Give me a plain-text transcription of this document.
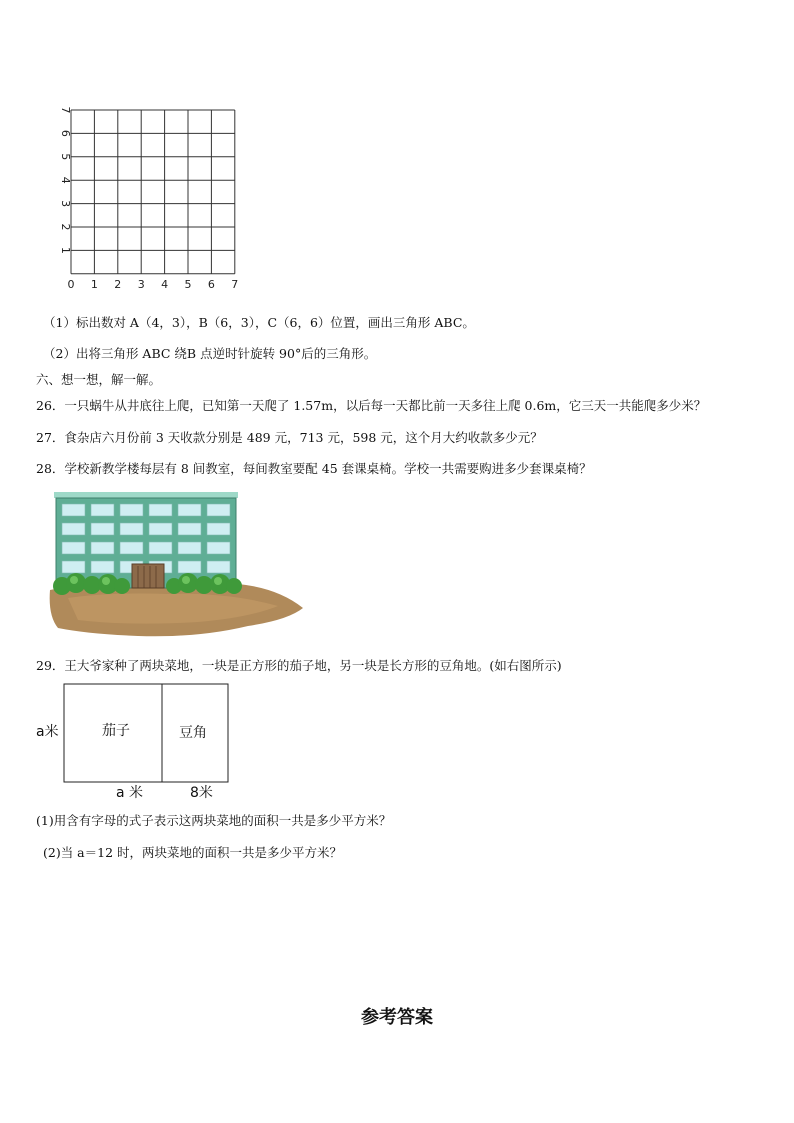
0 1 2 3 4 5 6 7
1
2
3
4
5
6
7
（1）标出数对 A（4，3），B（6，3），C（6，6）位置，画出三角形 ABC。
（2）出将三角形 ABC 绕B 点逆时针旋转 90°后的三角形。
六、想一想，解一解。
26．一只蜗牛从井底往上爬，已知第一天爬了 1.57m，以后每一天都比前一天多往上爬 0.6m，它三天一共能爬多少米？
27．食杂店六月份前 3 天收款分别是 489 元，713 元，598 元，这个月大约收款多少元？
28．学校新教学楼每层有 8 间教室，每间教室要配 45 套课桌椅。学校一共需要购进多少套课桌椅？
29．王大爷家种了两块菜地，一块是正方形的茄子地，另一块是长方形的豆角地。(如右图所示)
a米	茄子	豆角
a 米	8米
(1)用含有字母的式子表示这两块菜地的面积一共是多少平方米？
(2)当 a＝12 时，两块菜地的面积一共是多少平方米？
参考答案
